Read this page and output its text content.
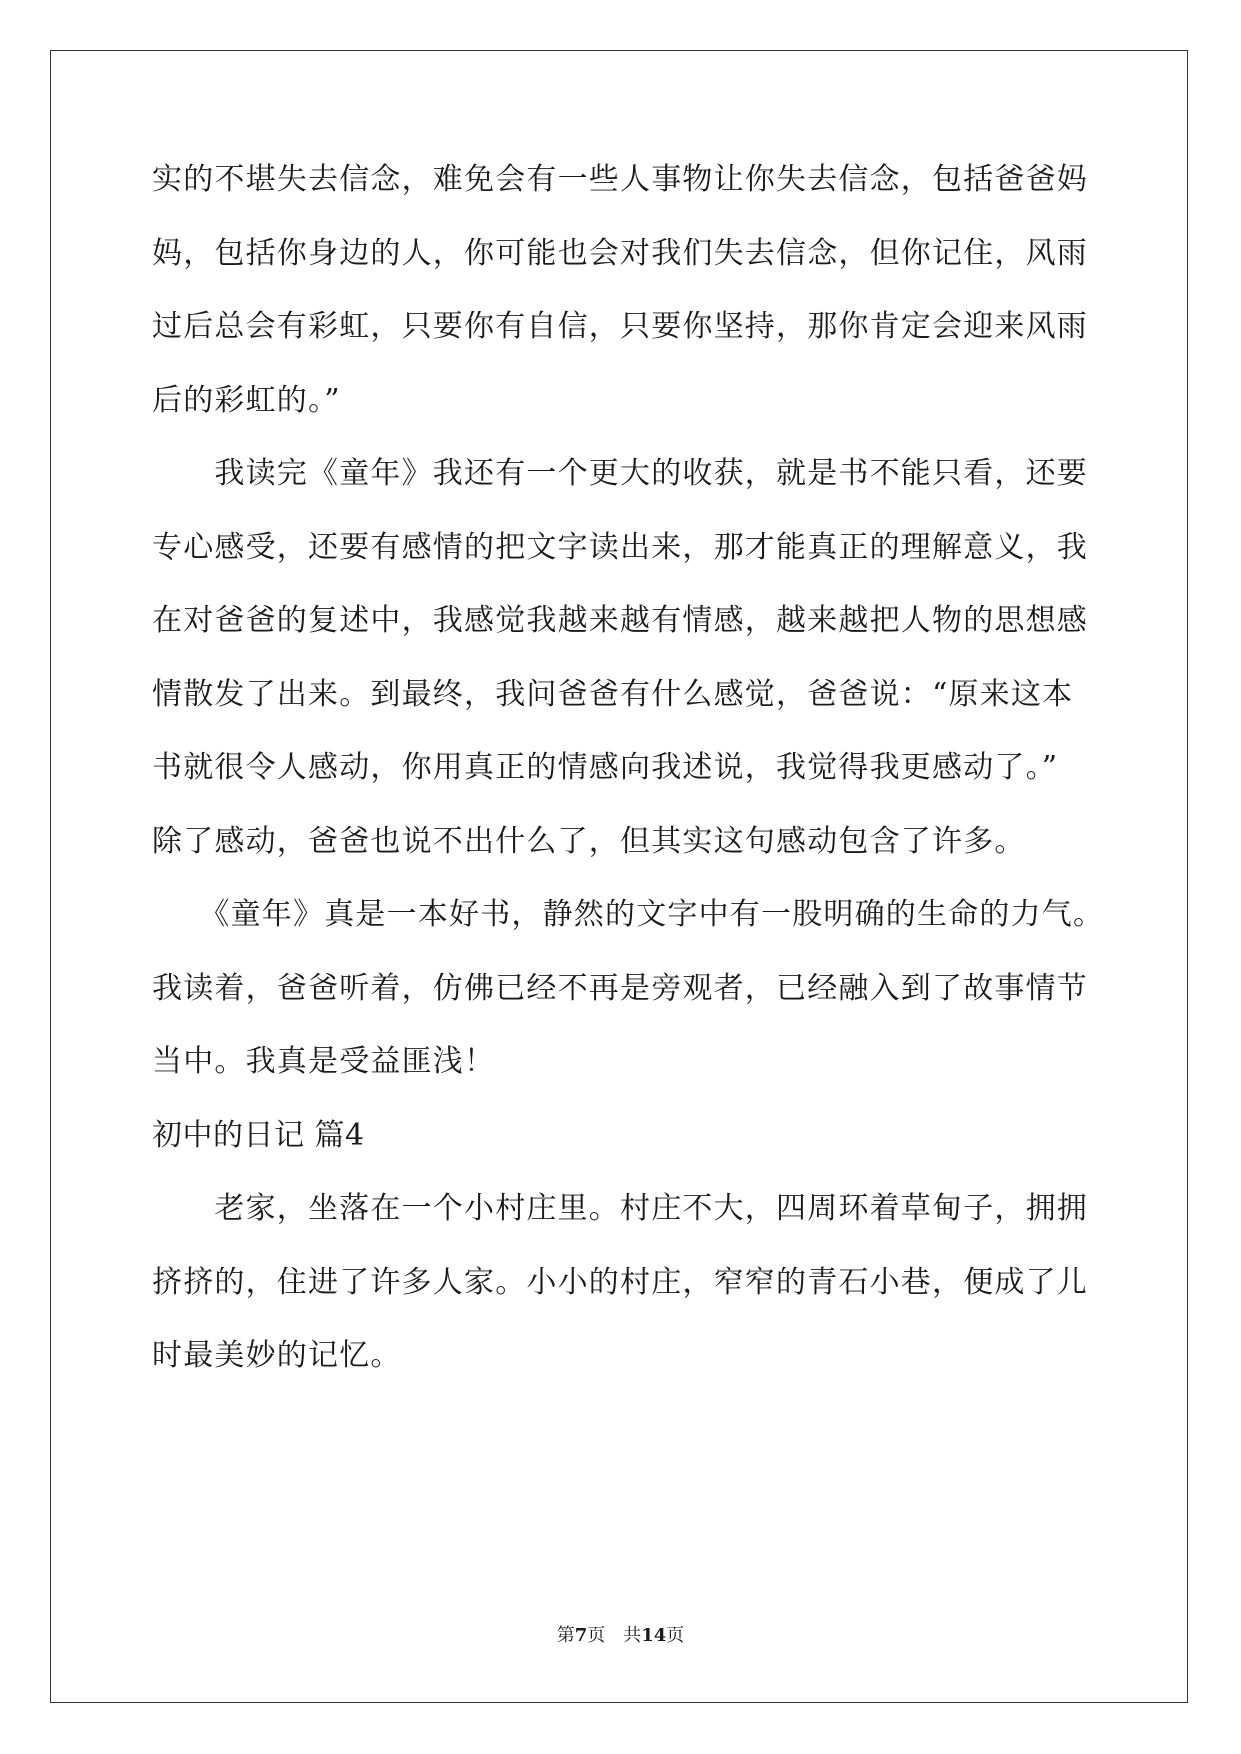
实的不堪失去信念，难免会有一些人事物让你失去信念，包括爸爸妈
妈，包括你身边的人，你可能也会对我们失去信念，但你记住，风雨
过后总会有彩虹，只要你有自信，只要你坚持，那你肯定会迎来风雨
后的彩虹的。”
　　我读完《童年》我还有一个更大的收获，就是书不能只看，还要
专心感受，还要有感情的把文字读出来，那才能真正的理解意义，我
在对爸爸的复述中，我感觉我越来越有情感，越来越把人物的思想感
情散发了出来。到最终，我问爸爸有什么感觉，爸爸说：“原来这本
书就很令人感动，你用真正的情感向我述说，我觉得我更感动了。”
除了感动，爸爸也说不出什么了，但其实这句感动包含了许多。
　　《童年》真是一本好书，静然的文字中有一股明确的生命的力气。
我读着，爸爸听着，仿佛已经不再是旁观者，已经融入到了故事情节
当中。我真是受益匪浅！
初中的日记 篇4
　　老家，坐落在一个小村庄里。村庄不大，四周环着草甸子，拥拥
挤挤的，住进了许多人家。小小的村庄，窄窄的青石小巷，便成了儿
时最美妙的记忆。
第7页　 共14页
